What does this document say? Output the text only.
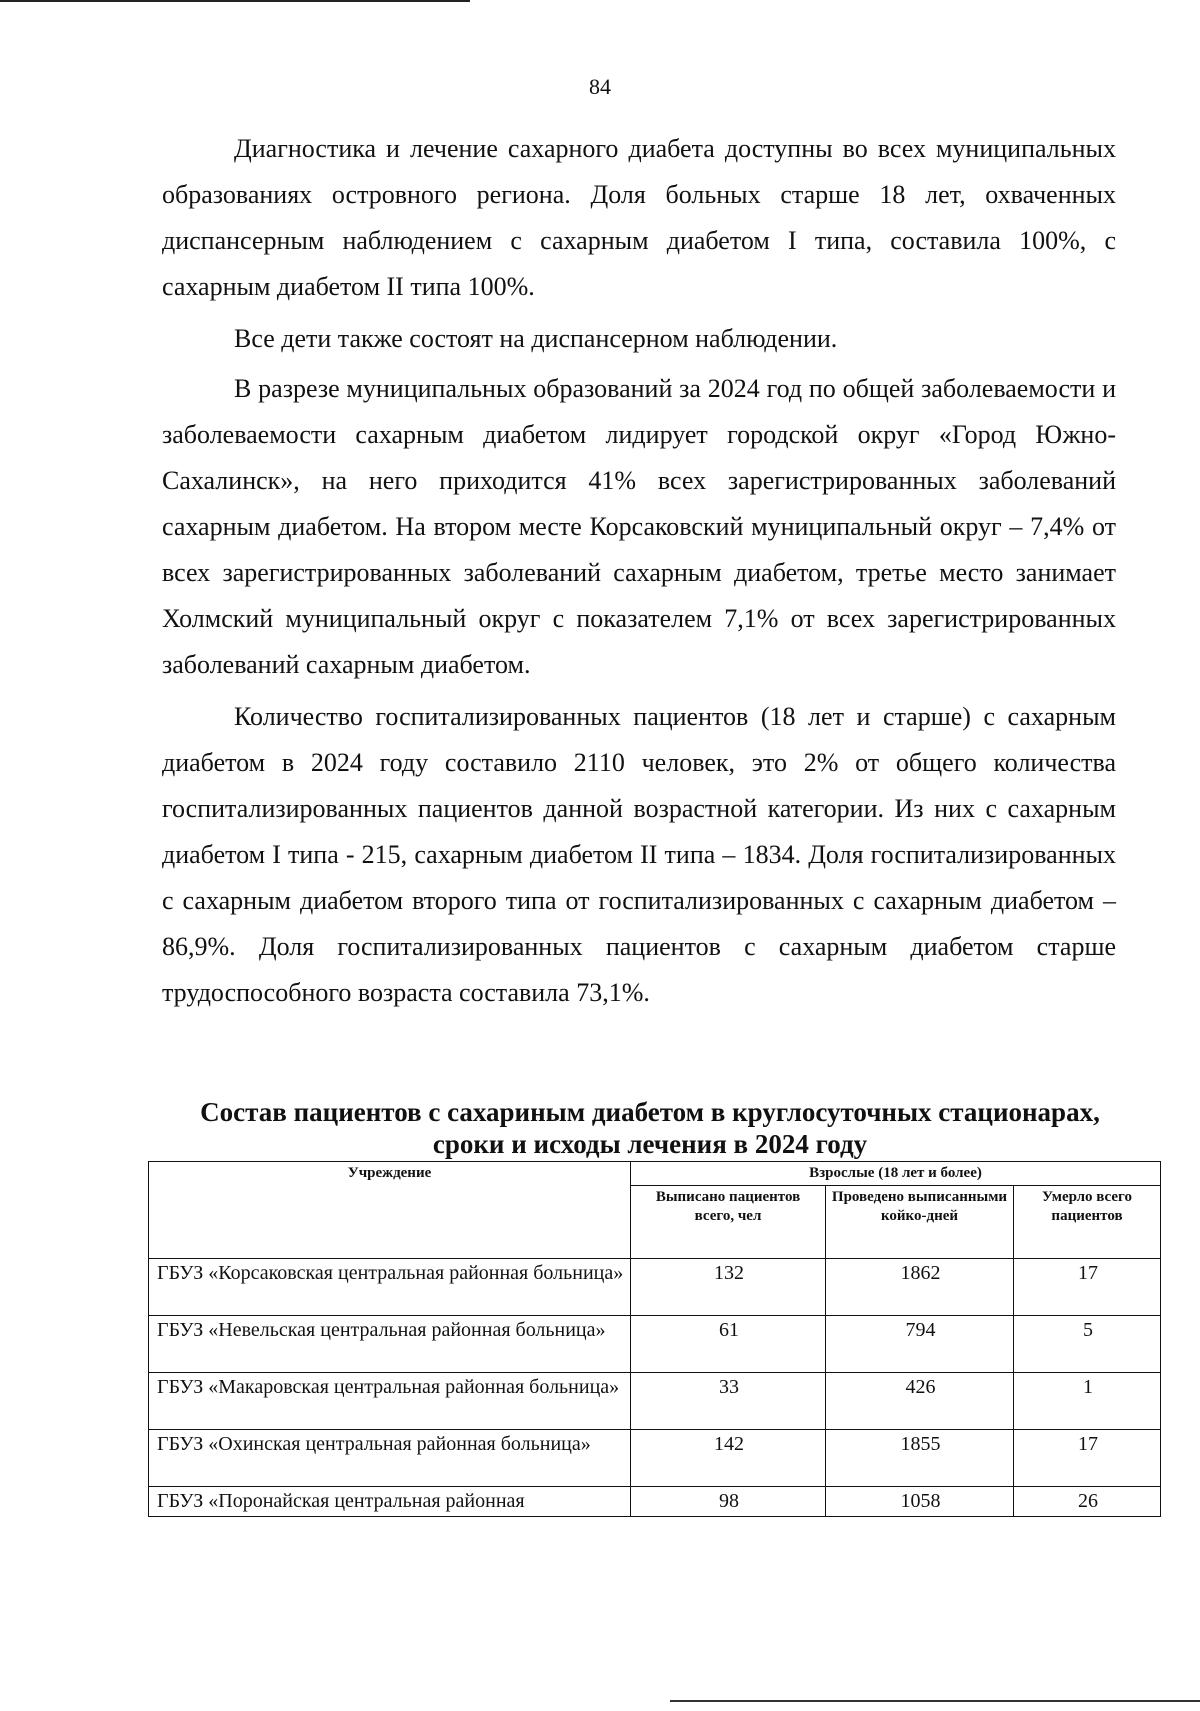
84

Диагностика и лечение сахарного диабета доступны во всех муниципальных образованиях островного региона. Доля больных старше 18 лет, охваченных диспансерным наблюдением с сахарным диабетом I типа, составила 100%, с сахарным диабетом II типа 100%.

Все дети также состоят на диспансерном наблюдении.

В разрезе муниципальных образований за 2024 год по общей заболеваемости и заболеваемости сахарным диабетом лидирует городской округ «Город Южно-Сахалинск», на него приходится 41% всех зарегистрированных заболеваний сахарным диабетом. На втором месте Корсаковский муниципальный округ – 7,4% от всех зарегистрированных заболеваний сахарным диабетом, третье место занимает Холмский муниципальный округ с показателем 7,1% от всех зарегистрированных заболеваний сахарным диабетом.

Количество госпитализированных пациентов (18 лет и старше) с сахарным диабетом в 2024 году составило 2110 человек, это 2% от общего количества госпитализированных пациентов данной возрастной категории. Из них с сахарным диабетом I типа - 215, сахарным диабетом II типа – 1834. Доля госпитализированных с сахарным диабетом второго типа от госпитализированных с сахарным диабетом – 86,9%. Доля госпитализированных пациентов с сахарным диабетом старше трудоспособного возраста составила 73,1%.

Состав пациентов с сахариным диабетом в круглосуточных стационарах, сроки и исходы лечения в 2024 году
Учреждение	Взрослые (18 лет и более)		
	Выписано пациентов всего, чел	Проведено выписанными койко-дней	Умерло всего пациентов
ГБУЗ «Корсаковская центральная районная больница»	132	1862	17
ГБУЗ «Невельская центральная районная больница»	61	794	5
ГБУЗ «Макаровская центральная районная больница»	33	426	1
ГБУЗ «Охинская центральная районная больница»	142	1855	17

ГБУЗ «Поронайская центральная районная	98	1058	26
